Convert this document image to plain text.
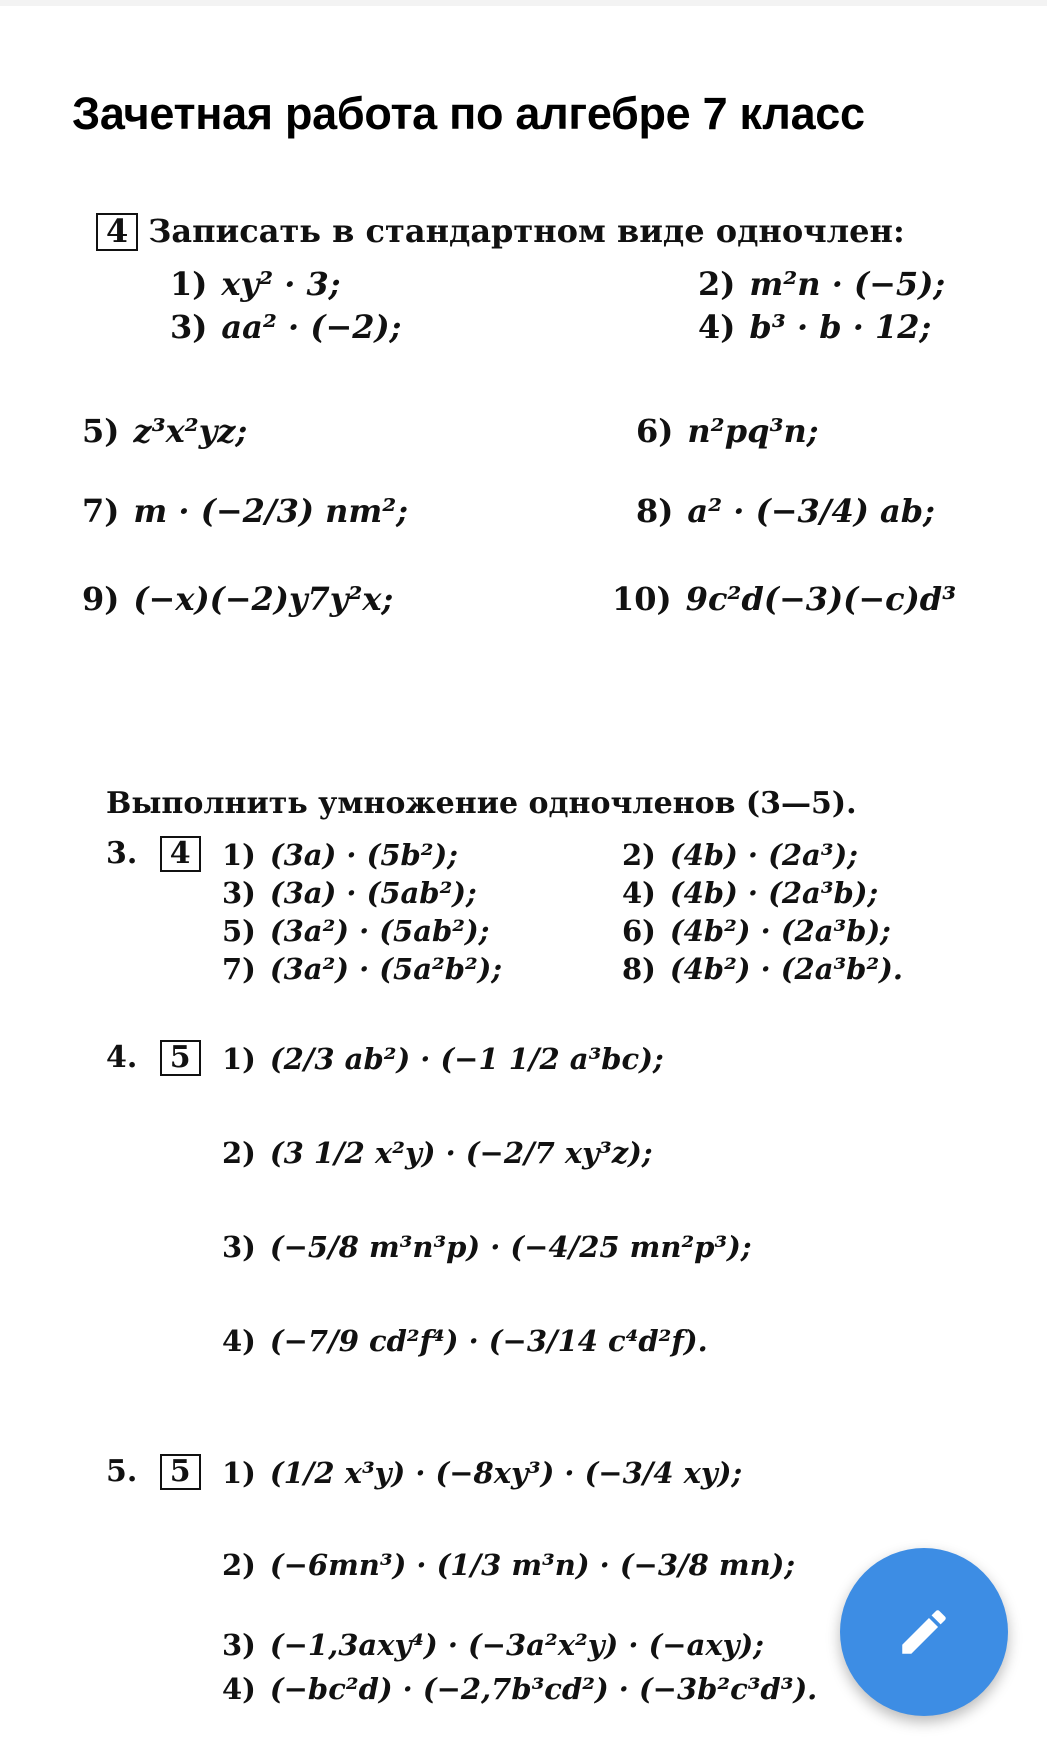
Зачетная работа по алгебре 7 класс
4 Записать в стандартном виде одночлен:
1) xy² · 3;	2) m²n · (−5);
3) aa² · (−2);	4) b³ · b · 12;
5) z³x²yz;	6) n²pq³n;
7) m · (−2/3) nm²;	8) a² · (−3/4) ab;
9) (−x)(−2)y7y²x;	10) 9c²d(−3)(−c)d³
Выполнить умножение одночленов (3—5).
3. 4	1) (3a) · (5b²);	2) (4b) · (2a³);
3) (3a) · (5ab²);	4) (4b) · (2a³b);
5) (3a²) · (5ab²);	6) (4b²) · (2a³b);
7) (3a²) · (5a²b²);	8) (4b²) · (2a³b²).
4. 5	1) (2/3 ab²) · (−1 1/2 a³bc);
2) (3 1/2 x²y) · (−2/7 xy³z);
3) (−5/8 m³n³p) · (−4/25 mn²p³);
4) (−7/9 cd²f⁴) · (−3/14 c⁴d²f).
5. 5	1) (1/2 x³y) · (−8xy³) · (−3/4 xy);
2) (−6mn³) · (1/3 m³n) · (−3/8 mn);
3) (−1,3axy⁴) · (−3a²x²y) · (−axy);
4) (−bc²d) · (−2,7b³cd²) · (−3b²c³d³).
